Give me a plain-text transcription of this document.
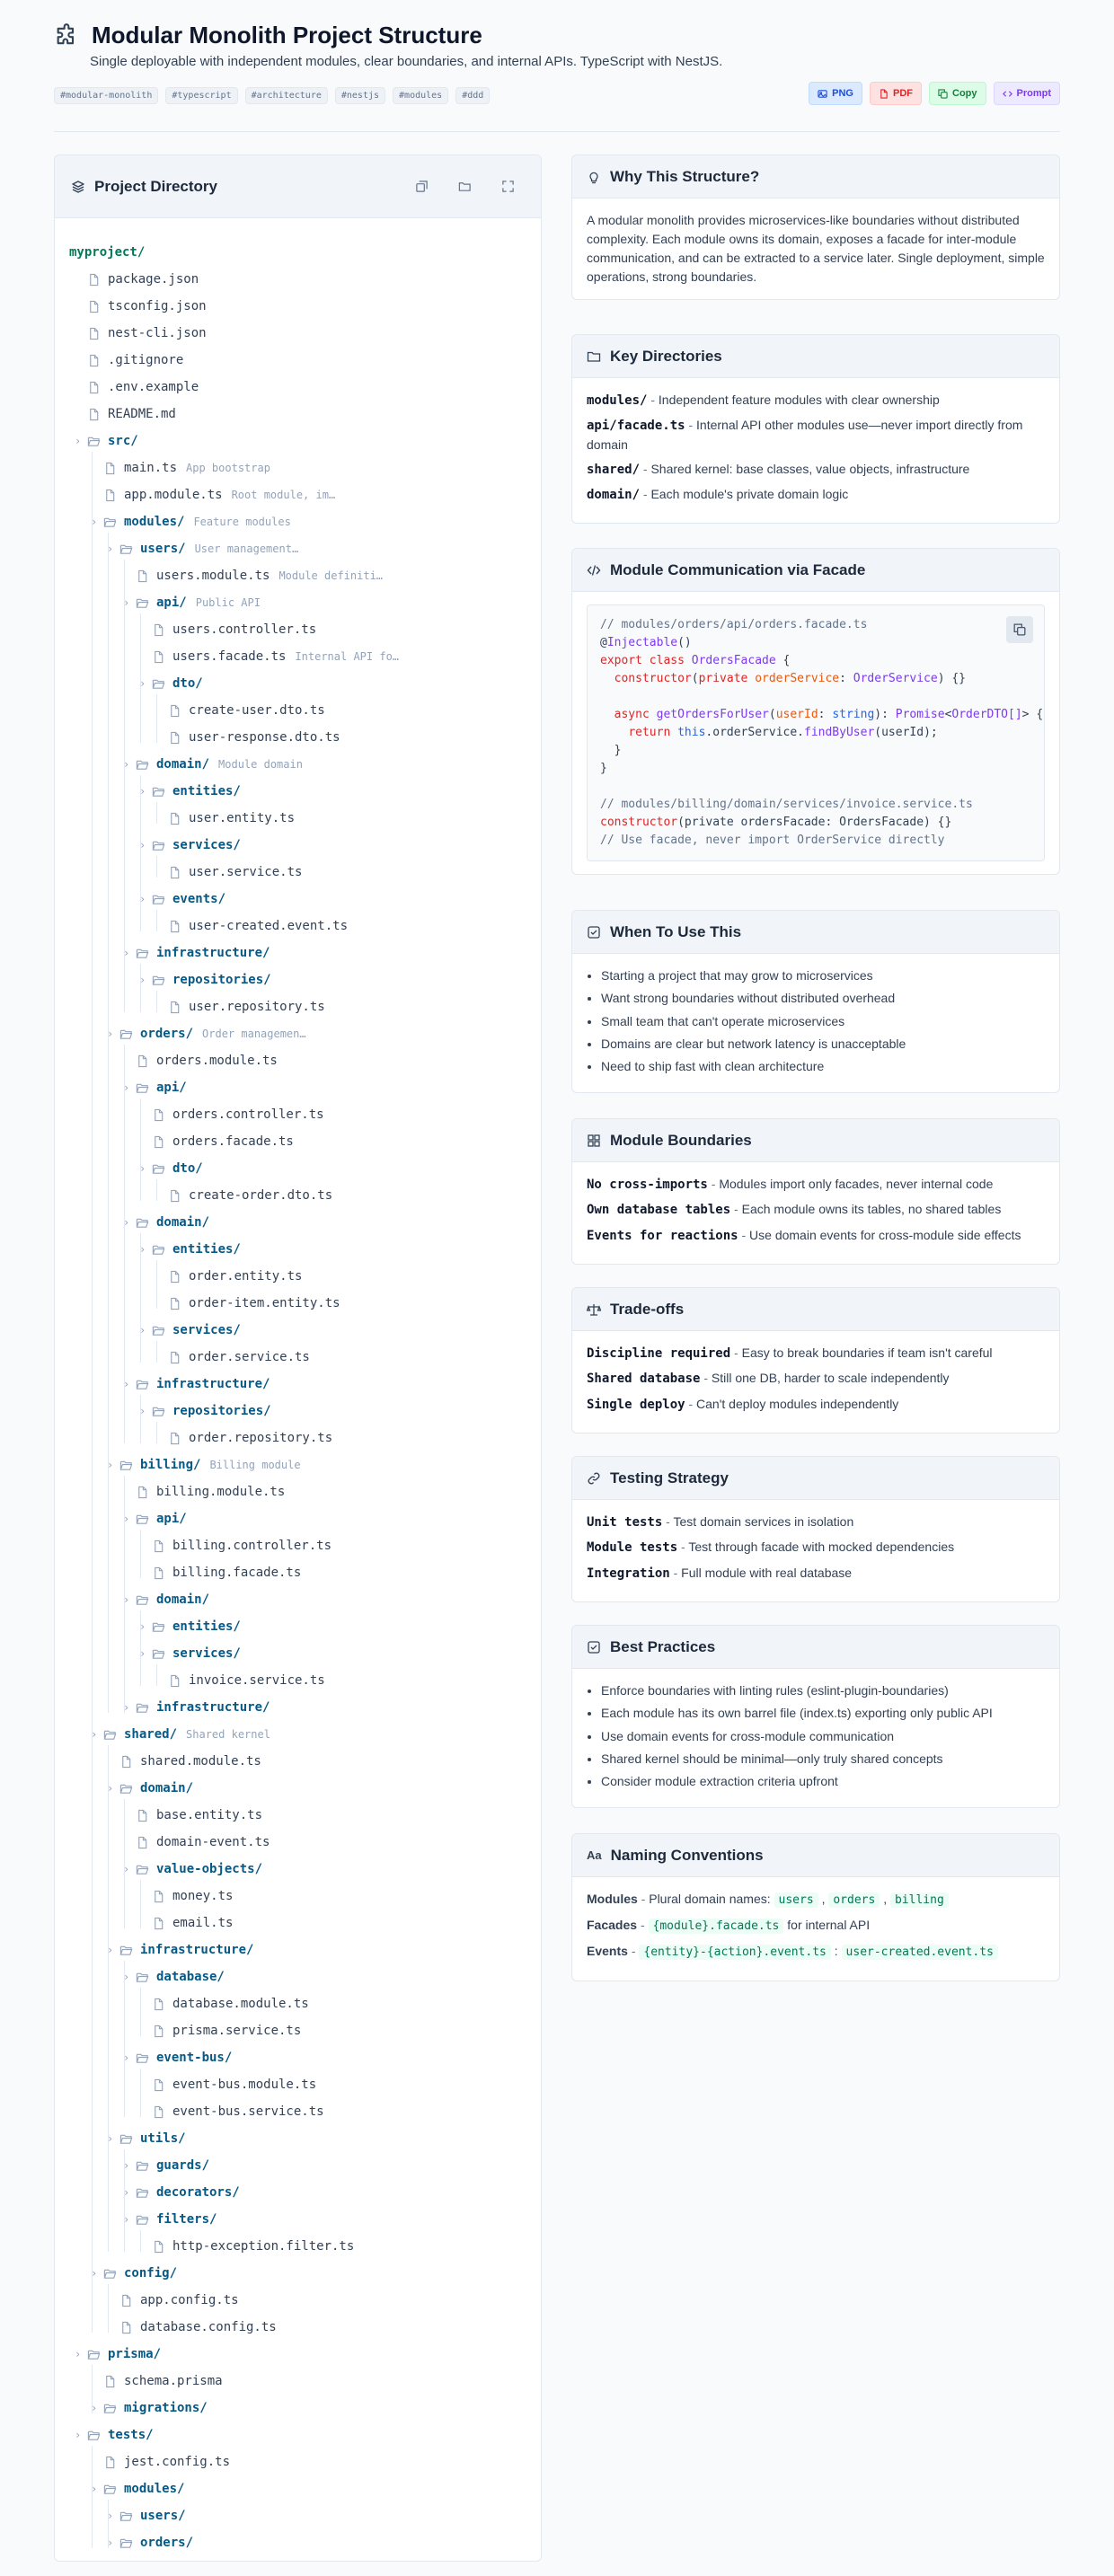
Modular Monolith Project Structure
Single deployable with independent modules, clear boundaries, and internal APIs. TypeScript with NestJS.
#modular-monolith	#typescript	#architecture	#nestjs	#modules	#ddd	PNG	PDF	Copy	Prompt
Project Directory
myproject/
package.json
tsconfig.json
nest-cli.json
.gitignore
.env.example
README.md
›	src/
main.ts App bootstrap
app.module.ts Root module, im…
›	modules/ Feature modules
›	users/ User management…
users.module.ts Module definiti…
›	api/ Public API
users.controller.ts
users.facade.ts Internal API fo…
›	dto/
create-user.dto.ts
user-response.dto.ts
›	domain/ Module domain
›	entities/
user.entity.ts
›	services/
user.service.ts
›	events/
user-created.event.ts
›	infrastructure/
›	repositories/
user.repository.ts
›	orders/ Order managemen…
orders.module.ts
›	api/
orders.controller.ts
orders.facade.ts
›	dto/
create-order.dto.ts
›	domain/
›	entities/
order.entity.ts
order-item.entity.ts
›	services/
order.service.ts
›	infrastructure/
›	repositories/
order.repository.ts
›	billing/ Billing module
billing.module.ts
›	api/
billing.controller.ts
billing.facade.ts
›	domain/
›	entities/
›	services/
invoice.service.ts
›	infrastructure/
›	shared/ Shared kernel
shared.module.ts
›	domain/
base.entity.ts
domain-event.ts
›	value-objects/
money.ts
email.ts
›	infrastructure/
›	database/
database.module.ts
prisma.service.ts
›	event-bus/
event-bus.module.ts
event-bus.service.ts
›	utils/
›	guards/
›	decorators/
›	filters/
http-exception.filter.ts
›	config/
app.config.ts
database.config.ts
›	prisma/
schema.prisma
›	migrations/
›	tests/
jest.config.ts
›	modules/
›	users/
›	orders/
Why This Structure?

A modular monolith provides microservices-like boundaries without distributed complexity. Each module owns its domain, exposes a facade for inter-module communication, and can be extracted to a service later. Single deployment, simple operations, strong boundaries.

Key Directories
modules/ - Independent feature modules with clear ownership
api/facade.ts - Internal API other modules use—never import directly from domain
shared/ - Shared kernel: base classes, value objects, infrastructure
domain/ - Each module's private domain logic
Module Communication via Facade
// modules/orders/api/orders.facade.ts
@Injectable()
export class OrdersFacade {
constructor(private orderService: OrderService) {}

async getOrdersForUser(userId: string): Promise<OrderDTO[]> {
return this.orderService.findByUser(userId);
}
}

// modules/billing/domain/services/invoice.service.ts
constructor(private ordersFacade: OrdersFacade) {}
// Use facade, never import OrderService directly
When To Use This
• Starting a project that may grow to microservices
• Want strong boundaries without distributed overhead
• Small team that can't operate microservices
• Domains are clear but network latency is unacceptable
• Need to ship fast with clean architecture
Module Boundaries
No cross-imports - Modules import only facades, never internal code
Own database tables - Each module owns its tables, no shared tables
Events for reactions - Use domain events for cross-module side effects
Trade-offs
Discipline required - Easy to break boundaries if team isn't careful
Shared database - Still one DB, harder to scale independently
Single deploy - Can't deploy modules independently
Testing Strategy
Unit tests - Test domain services in isolation
Module tests - Test through facade with mocked dependencies
Integration - Full module with real database
Best Practices
• Enforce boundaries with linting rules (eslint-plugin-boundaries)
• Each module has its own barrel file (index.ts) exporting only public API
• Use domain events for cross-module communication
• Shared kernel should be minimal—only truly shared concepts
• Consider module extraction criteria upfront
Aa Naming Conventions
Modules - Plural domain names: users , orders , billing
Facades - {module}.facade.ts for internal API
Events - {entity}-{action}.event.ts : user-created.event.ts
